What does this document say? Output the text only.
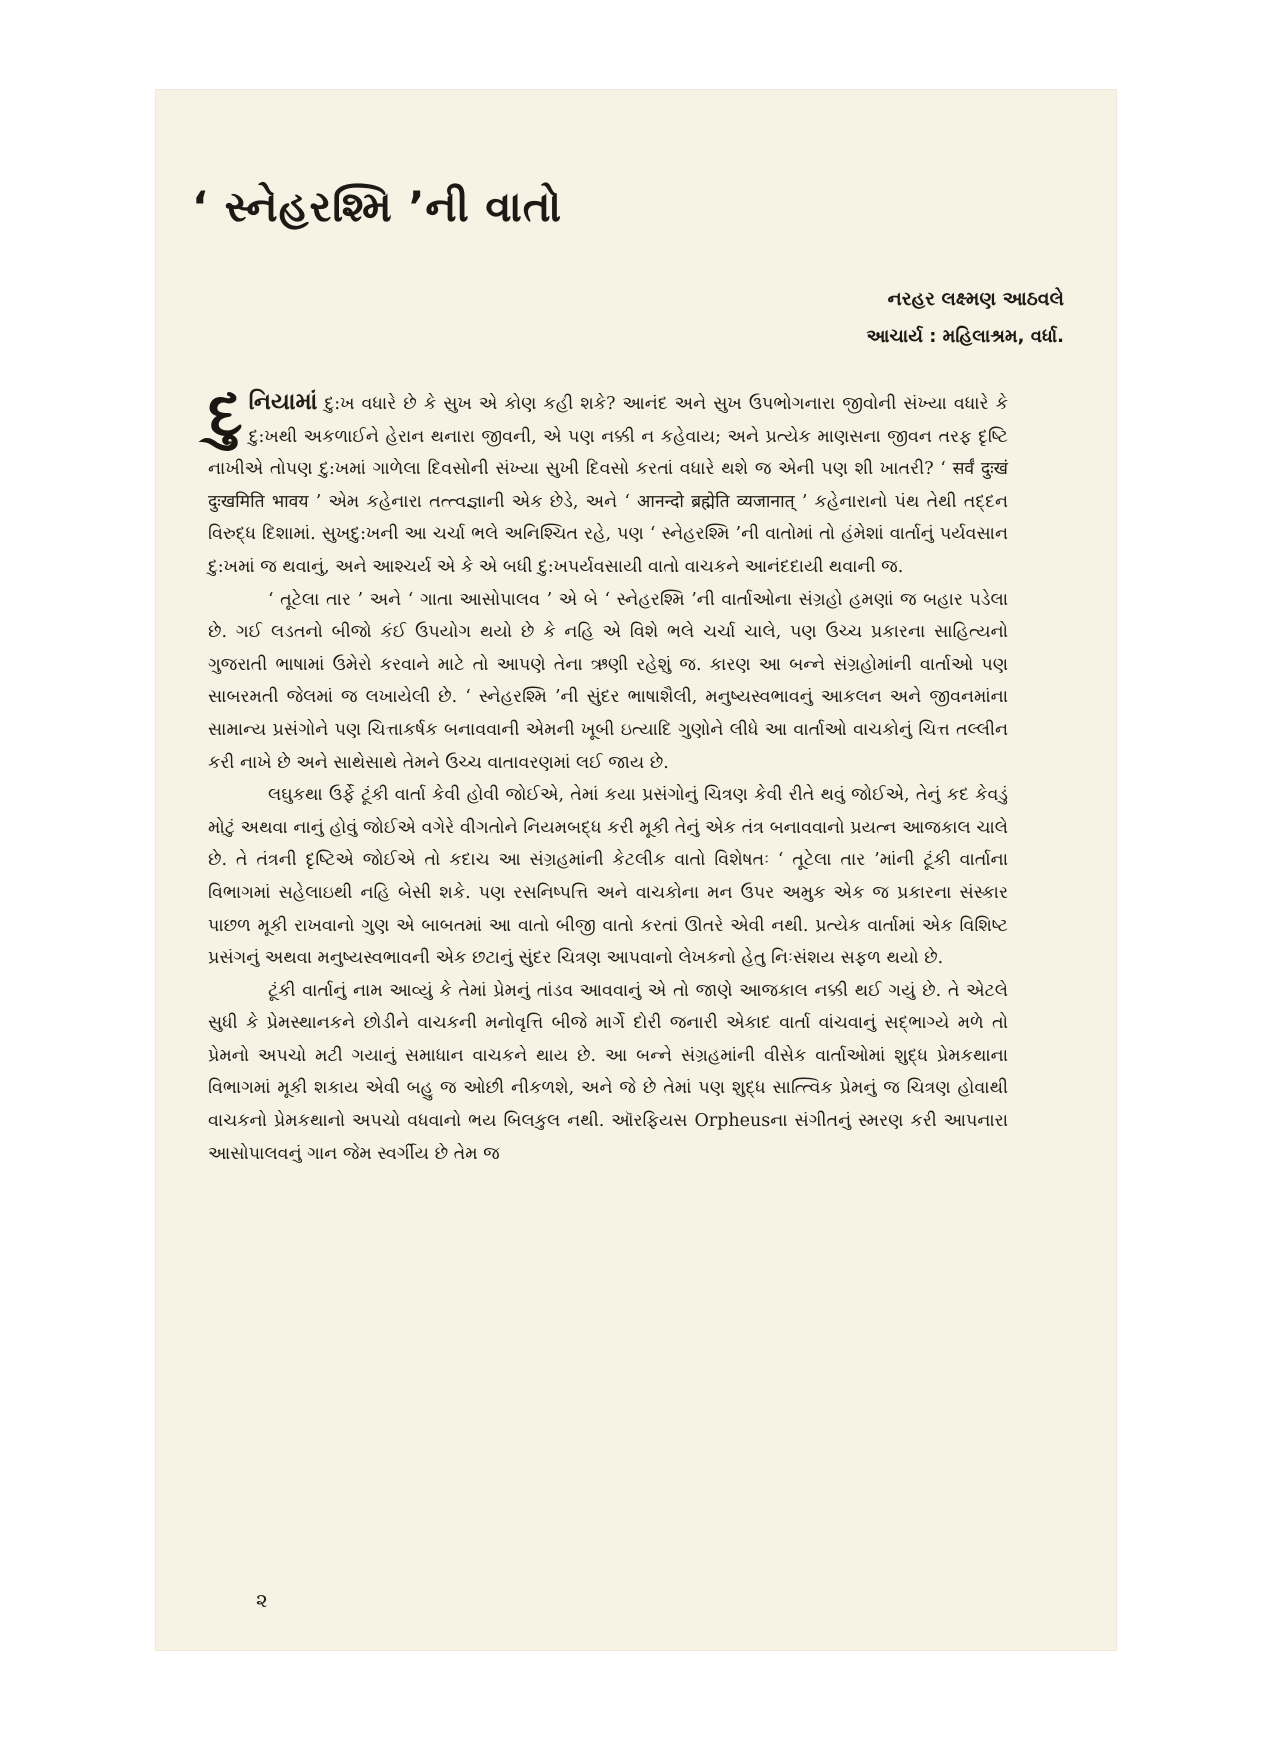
‘ સ્નેહરશ્મિ ’ની વાતો
નરહર લક્ષ્મણ આઠવલે
આચાર્ય : મહિલાશ્રમ, વર્ધા.

દુનિયામાં દુ:ખ વધારે છે કે સુખ એ કોણ કહી શકે? આનંદ અને સુખ ઉપભોગનારા જીવોની સંખ્યા વધારે કે દુ:ખથી અકળાઈને હેરાન થનારા જીવની, એ પણ નક્કી ન કહેવાય; અને પ્રત્યેક માણસના જીવન તરફ દૃષ્ટિ નાખીએ તોપણ દુ:ખમાં ગાળેલા દિવસોની સંખ્યા સુખી દિવસો કરતાં વધારે થશે જ એની પણ શી ખાતરી? ‘ सर्वं दुःखं दुःखमिति भावय ’ એમ કહેનારા તત્ત્વજ્ઞાની એક છેડે, અને ‘ आनन्दो ब्रह्मेति व्यजानात् ’ કહેનારાનો પંથ તેથી તદ્દન વિરુદ્ધ દિશામાં. સુખદુ:ખની આ ચર્ચા ભલે અનિશ્ચિત રહે, પણ ‘ સ્નેહરશ્મિ ’ની વાતોમાં તો હંમેશાં વાર્તાનું પર્યવસાન દુ:ખમાં જ થવાનું, અને આશ્ચર્ય એ કે એ બધી દુ:ખપર્યવસાયી વાતો વાચકને આનંદદાયી થવાની જ.

‘ તૂટેલા તાર ’ અને ‘ ગાતા આસોપાલવ ’ એ બે ‘ સ્નેહરશ્મિ ’ની વાર્તાઓના સંગ્રહો હમણાં જ બહાર પડેલા છે. ગઈ લડતનો બીજો કંઈ ઉપયોગ થયો છે કે નહિ એ વિશે ભલે ચર્ચા ચાલે, પણ ઉચ્ચ પ્રકારના સાહિત્યનો ગુજરાતી ભાષામાં ઉમેરો કરવાને માટે તો આપણે તેના ઋણી રહેશું જ. કારણ આ બન્ને સંગ્રહોમાંની વાર્તાઓ પણ સાબરમતી જેલમાં જ લખાયેલી છે. ‘ સ્નેહરશ્મિ ’ની સુંદર ભાષાશૈલી, મનુષ્યસ્વભાવનું આકલન અને જીવનમાંના સામાન્ય પ્રસંગોને પણ ચિત્તાકર્ષક બનાવવાની એમની ખૂબી ઇત્યાદિ ગુણોને લીધે આ વાર્તાઓ વાચકોનું ચિત્ત તલ્લીન કરી નાખે છે અને સાથેસાથે તેમને ઉચ્ચ વાતાવરણમાં લઈ જાય છે.

લઘુકથા ઉર્ફે ટૂંકી વાર્તા કેવી હોવી જોઈએ, તેમાં કયા પ્રસંગોનું ચિત્રણ કેવી રીતે થવું જોઈએ, તેનું કદ કેવડું મોટું અથવા નાનું હોવું જોઈએ વગેરે વીગતોને નિયમબદ્ધ કરી મૂકી તેનું એક તંત્ર બનાવવાનો પ્રયત્ન આજકાલ ચાલે છે. તે તંત્રની દૃષ્ટિએ જોઈએ તો કદાચ આ સંગ્રહમાંની કેટલીક વાતો વિશેષતઃ ‘ તૂટેલા તાર ’માંની ટૂંકી વાર્તાના વિભાગમાં સહેલાઇથી નહિ બેસી શકે. પણ રસનિષ્પત્તિ અને વાચકોના મન ઉપર અમુક એક જ પ્રકારના સંસ્કાર પાછળ મૂકી રાખવાનો ગુણ એ બાબતમાં આ વાતો બીજી વાતો કરતાં ઊતરે એવી નથી. પ્રત્યેક વાર્તામાં એક વિશિષ્ટ પ્રસંગનું અથવા મનુષ્યસ્વભાવની એક છટાનું સુંદર ચિત્રણ આપવાનો લેખકનો હેતુ નિઃસંશય સફળ થયો છે.

ટૂંકી વાર્તાનું નામ આવ્યું કે તેમાં પ્રેમનું તાંડવ આવવાનું એ તો જાણે આજકાલ નક્કી થઈ ગયું છે. તે એટલે સુધી કે પ્રેમસ્થાનકને છોડીને વાચકની મનોવૃત્તિ બીજે માર્ગે દોરી જનારી એકાદ વાર્તા વાંચવાનું સદ્ભાગ્યે મળે તો પ્રેમનો અપચો મટી ગયાનું સમાધાન વાચકને થાય છે. આ બન્ને સંગ્રહમાંની વીસેક વાર્તાઓમાં શુદ્ધ પ્રેમકથાના વિભાગમાં મૂકી શકાય એવી બહુ જ ઓછી નીકળશે, અને જે છે તેમાં પણ શુદ્ધ સાત્ત્વિક પ્રેમનું જ ચિત્રણ હોવાથી વાચકનો પ્રેમકથાનો અપચો વધવાનો ભય બિલકુલ નથી. ઑરફિયસ Orpheusના સંગીતનું સ્મરણ કરી આપનારા આસોપાલવનું ગાન જેમ સ્વર્ગીય છે તેમ જ

૨
